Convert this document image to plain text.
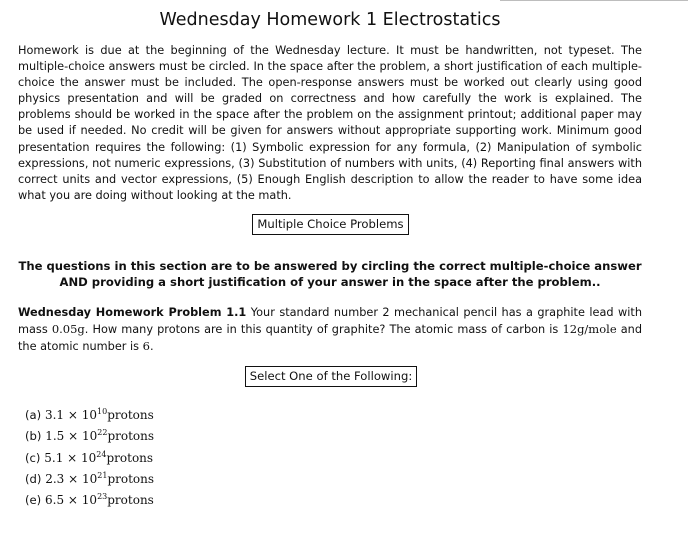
Wednesday Homework 1 Electrostatics

Homework is due at the beginning of the Wednesday lecture. It must be handwritten, not typeset. The multiple-choice answers must be circled. In the space after the problem, a short justification of each multiple-choice the answer must be included. The open-response answers must be worked out clearly using good physics presentation and will be graded on correctness and how carefully the work is explained. The problems should be worked in the space after the problem on the assignment printout; additional paper may be used if needed. No credit will be given for answers without appropriate supporting work. Minimum good presentation requires the following: (1) Symbolic expression for any formula, (2) Manipulation of symbolic expressions, not numeric expressions, (3) Substitution of numbers with units, (4) Reporting final answers with correct units and vector expressions, (5) Enough English description to allow the reader to have some idea what you are doing without looking at the math.

Multiple Choice Problems

The questions in this section are to be answered by circling the correct multiple-choice answer AND providing a short justification of your answer in the space after the problem..

Wednesday Homework Problem 1.1 Your standard number 2 mechanical pencil has a graphite lead with mass 0.05g. How many protons are in this quantity of graphite? The atomic mass of carbon is 12g/mole and the atomic number is 6.

Select One of the Following:
(a) $3.1 \times 10^{10}protons$
(b) $1.5 \times 10^{22}protons$
(c) $5.1 \times 10^{24}protons$
(d) $2.3 \times 10^{21}protons$
(e) $6.5 \times 10^{23}protons$
